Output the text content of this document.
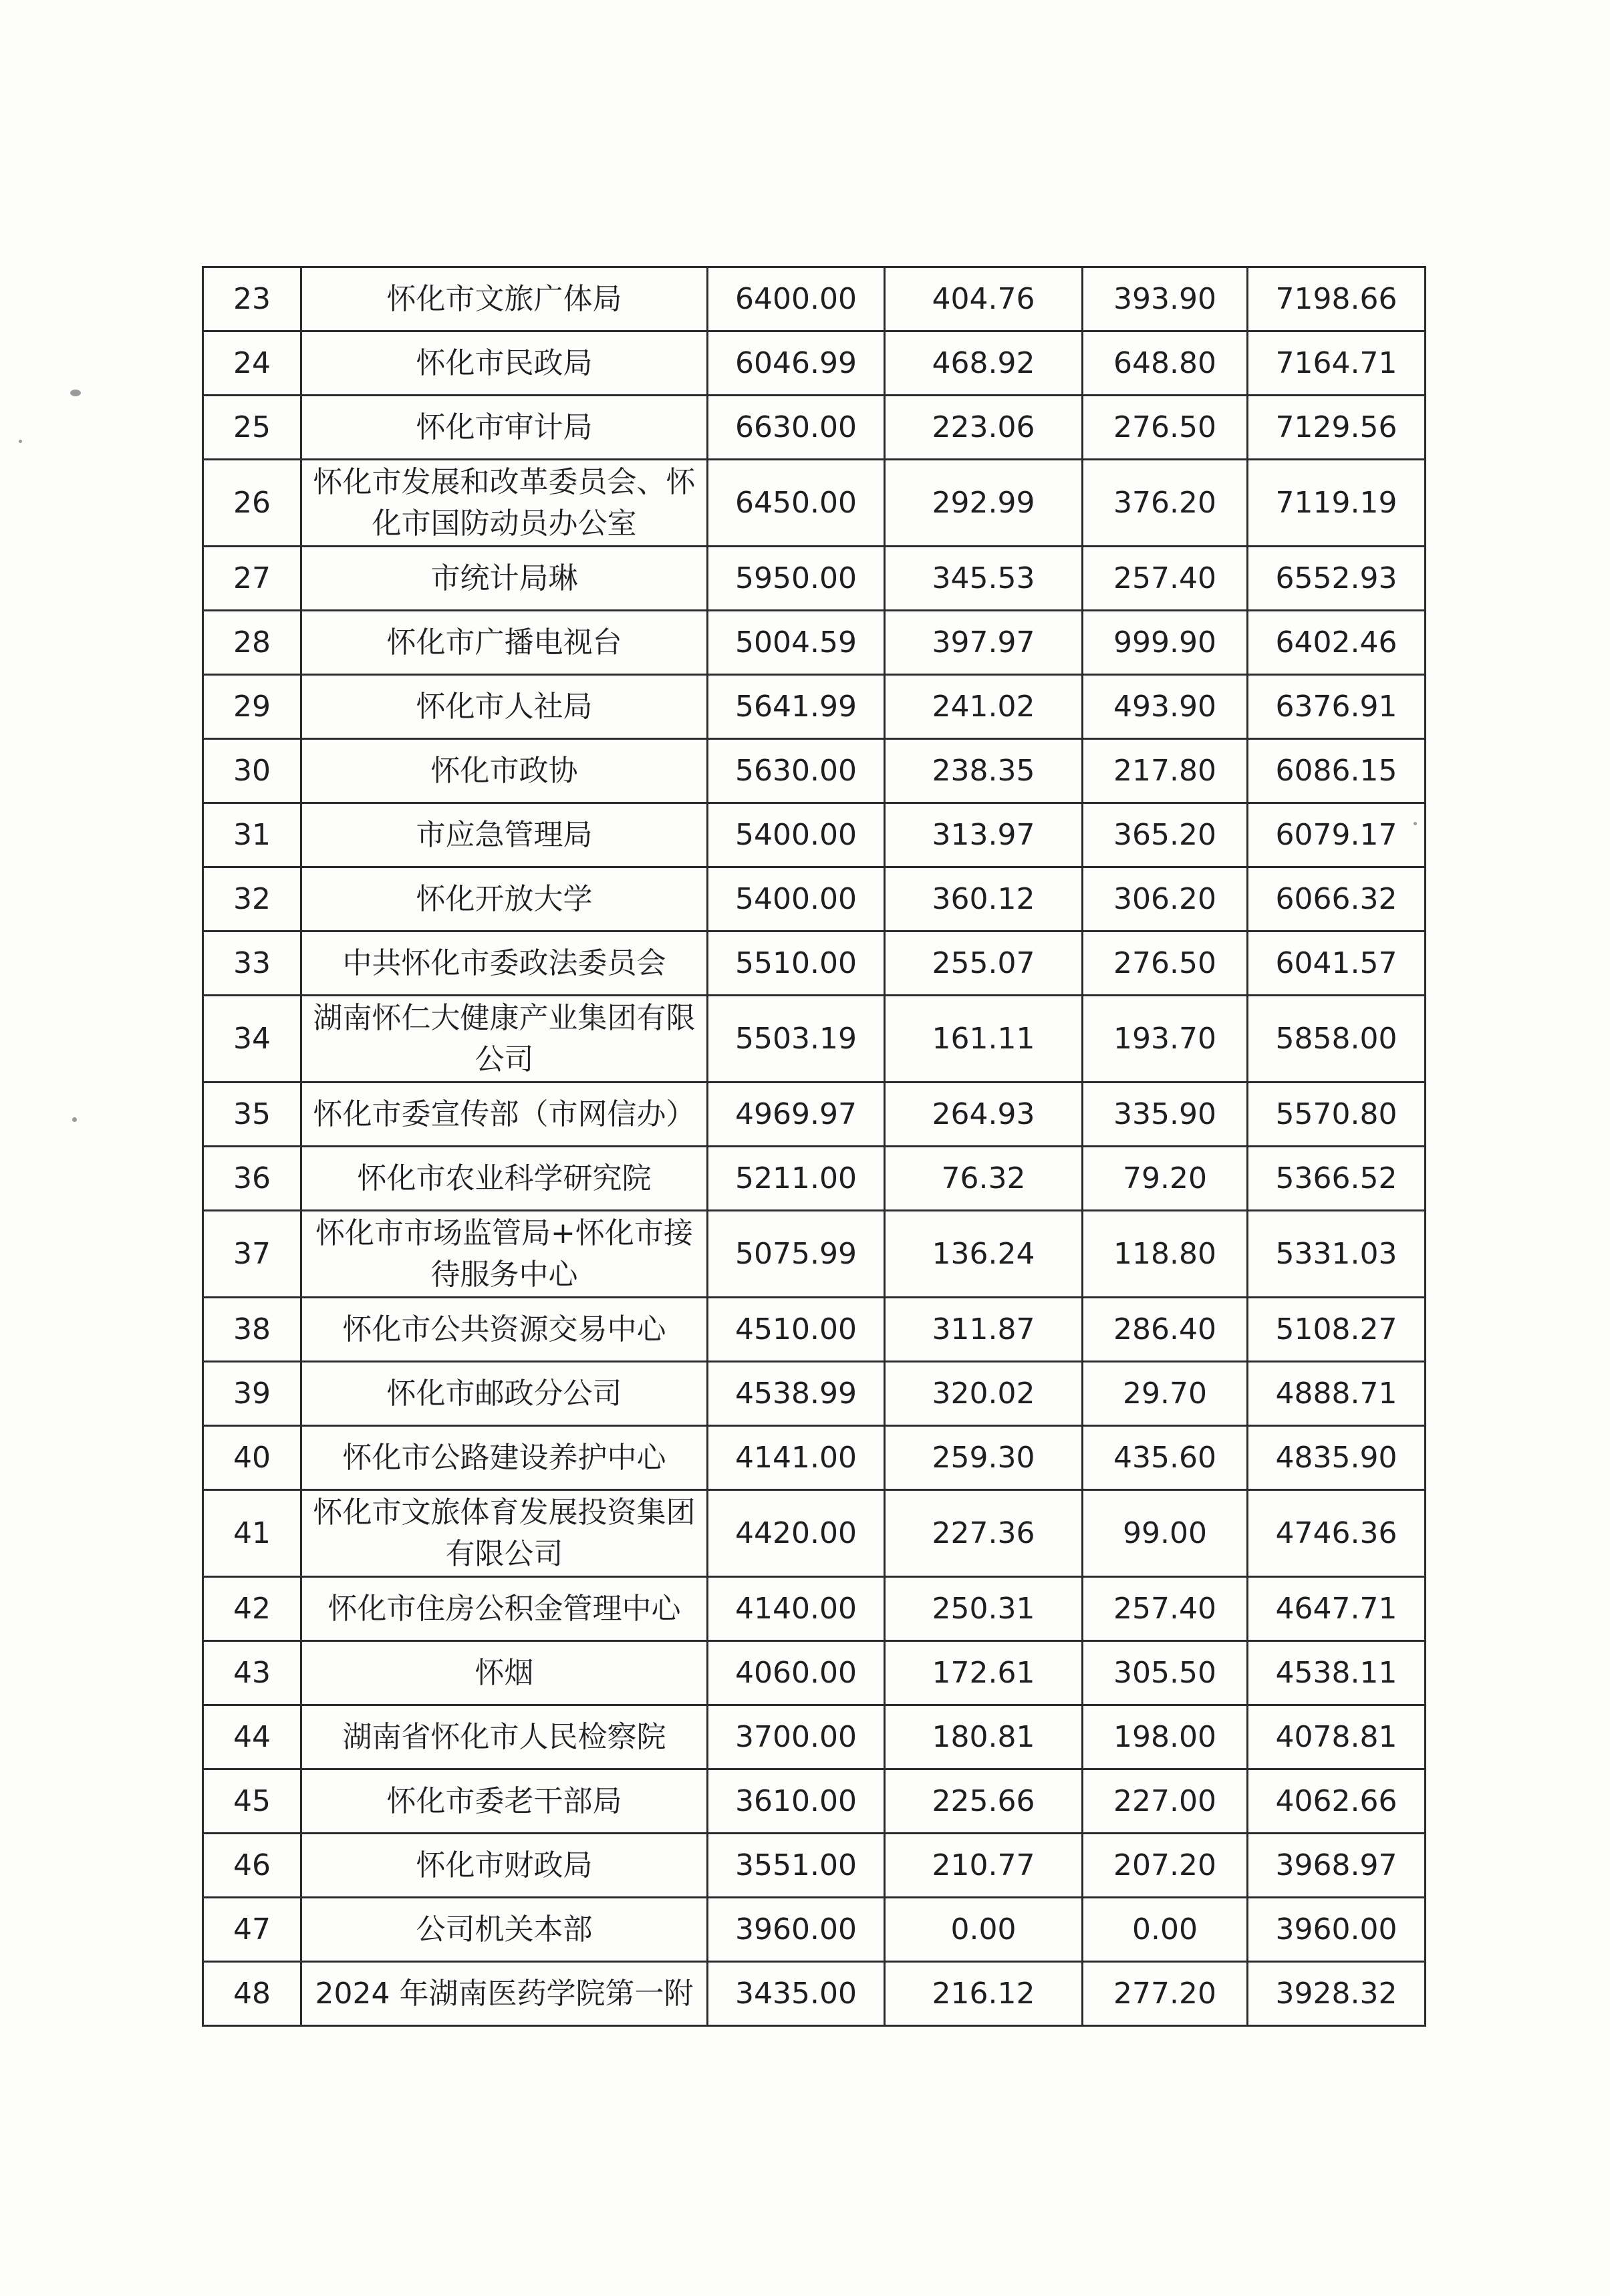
23	怀化市文旅广体局	6400.00	404.76	393.90	7198.66
24	怀化市民政局	6046.99	468.92	648.80	7164.71
25	怀化市审计局	6630.00	223.06	276.50	7129.56
26	怀化市发展和改革委员会、怀化市国防动员办公室	6450.00	292.99	376.20	7119.19
27	市统计局琳	5950.00	345.53	257.40	6552.93
28	怀化市广播电视台	5004.59	397.97	999.90	6402.46
29	怀化市人社局	5641.99	241.02	493.90	6376.91
30	怀化市政协	5630.00	238.35	217.80	6086.15
31	市应急管理局	5400.00	313.97	365.20	6079.17
32	怀化开放大学	5400.00	360.12	306.20	6066.32
33	中共怀化市委政法委员会	5510.00	255.07	276.50	6041.57
34	湖南怀仁大健康产业集团有限公司	5503.19	161.11	193.70	5858.00
35	怀化市委宣传部（市网信办）	4969.97	264.93	335.90	5570.80
36	怀化市农业科学研究院	5211.00	76.32	79.20	5366.52
37	怀化市市场监管局+怀化市接待服务中心	5075.99	136.24	118.80	5331.03
38	怀化市公共资源交易中心	4510.00	311.87	286.40	5108.27
39	怀化市邮政分公司	4538.99	320.02	29.70	4888.71
40	怀化市公路建设养护中心	4141.00	259.30	435.60	4835.90
41	怀化市文旅体育发展投资集团有限公司	4420.00	227.36	99.00	4746.36
42	怀化市住房公积金管理中心	4140.00	250.31	257.40	4647.71
43	怀烟	4060.00	172.61	305.50	4538.11
44	湖南省怀化市人民检察院	3700.00	180.81	198.00	4078.81
45	怀化市委老干部局	3610.00	225.66	227.00	4062.66
46	怀化市财政局	3551.00	210.77	207.20	3968.97
47	公司机关本部	3960.00	0.00	0.00	3960.00
48	2024 年湖南医药学院第一附	3435.00	216.12	277.20	3928.32
